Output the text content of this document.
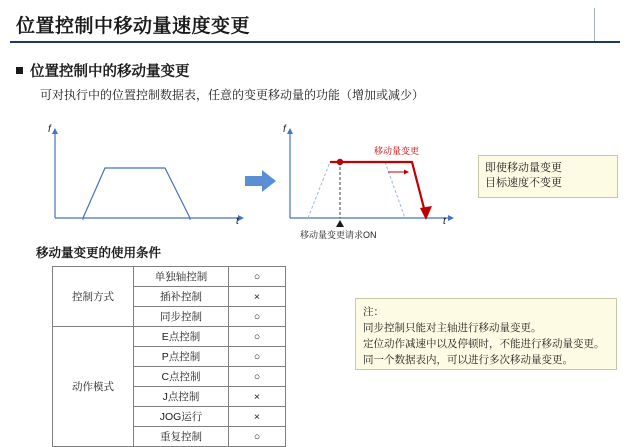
位置控制中移动量速度变更
位置控制中的移动量变更
可对执行中的位置控制数据表，任意的变更移动量的功能（增加或减少）
f
t
f
t
移动量变更
移动量变更请求ON
即使移动量变更
目标速度不变更
移动量变更的使用条件
控制方式	单独轴控制	○
	插补控制	×
	同步控制	○
动作模式	E点控制	○
	P点控制	○
	C点控制	○
	J点控制	×
	JOG运行	×
	重复控制	○
注：
同步控制只能对主轴进行移动量变更。
定位动作减速中以及停顿时，不能进行移动量变更。
同一个数据表内，可以进行多次移动量变更。
